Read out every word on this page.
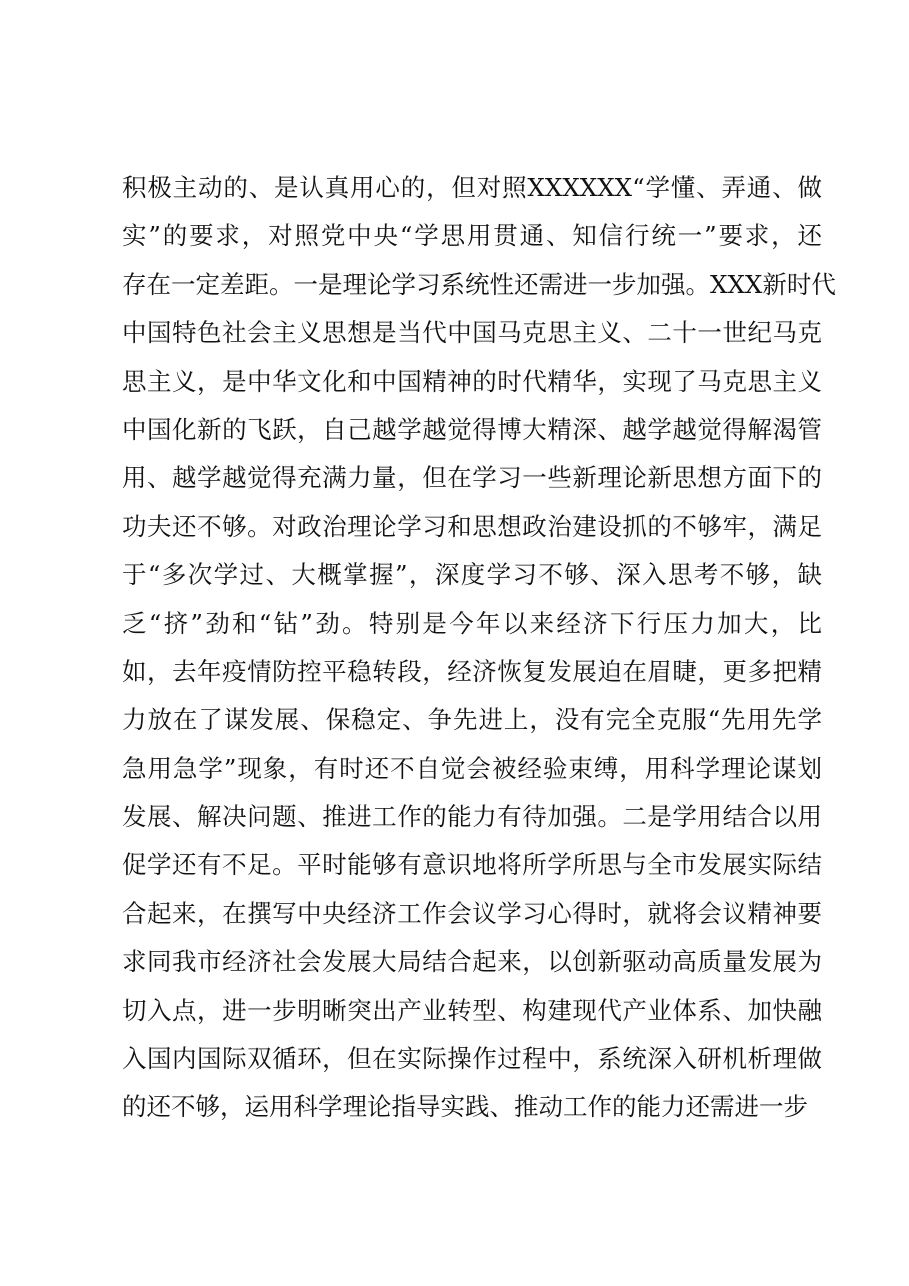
积极主动的、是认真用心的，但对照XXXXXX“学懂、弄通、做
实”的要求，对照党中央“学思用贯通、知信行统一”要求，还
存在一定差距。一是理论学习系统性还需进一步加强。XXX新时代
中国特色社会主义思想是当代中国马克思主义、二十一世纪马克
思主义，是中华文化和中国精神的时代精华，实现了马克思主义
中国化新的飞跃，自己越学越觉得博大精深、越学越觉得解渴管
用、越学越觉得充满力量，但在学习一些新理论新思想方面下的
功夫还不够。对政治理论学习和思想政治建设抓的不够牢，满足
于“多次学过、大概掌握”，深度学习不够、深入思考不够，缺
乏“挤”劲和“钻”劲。特别是今年以来经济下行压力加大，比
如，去年疫情防控平稳转段，经济恢复发展迫在眉睫，更多把精
力放在了谋发展、保稳定、争先进上，没有完全克服“先用先学
急用急学”现象，有时还不自觉会被经验束缚，用科学理论谋划
发展、解决问题、推进工作的能力有待加强。二是学用结合以用
促学还有不足。平时能够有意识地将所学所思与全市发展实际结
合起来，在撰写中央经济工作会议学习心得时，就将会议精神要
求同我市经济社会发展大局结合起来，以创新驱动高质量发展为
切入点，进一步明晰突出产业转型、构建现代产业体系、加快融
入国内国际双循环，但在实际操作过程中，系统深入研机析理做
的还不够，运用科学理论指导实践、推动工作的能力还需进一步
